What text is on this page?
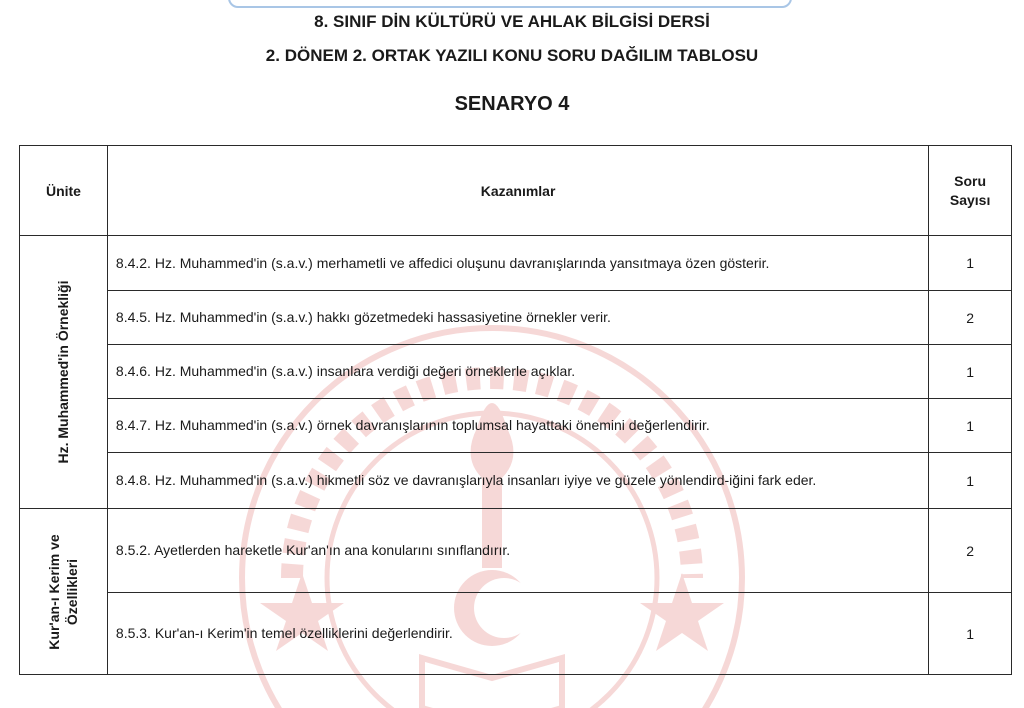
8. SINIF DİN KÜLTÜRÜ VE AHLAK BİLGİSİ DERSİ
2. DÖNEM 2. ORTAK YAZILI KONU SORU DAĞILIM TABLOSU
SENARYO 4
Ünite	Kazanımlar	Soru
Sayısı

Hz. Muhammed'in Örnekliği	8.4.2. Hz. Muhammed'in (s.a.v.) merhametli ve affedici oluşunu davranışlarında yansıtmaya özen gösterir.	1
	8.4.5. Hz. Muhammed'in (s.a.v.) hakkı gözetmedeki hassasiyetine örnekler verir.	2
	8.4.6. Hz. Muhammed'in (s.a.v.) insanlara verdiği değeri örneklerle açıklar.	1
	8.4.7. Hz. Muhammed'in (s.a.v.) örnek davranışlarının toplumsal hayattaki önemini değerlendirir.	1
	8.4.8. Hz. Muhammed'in (s.a.v.) hikmetli söz ve davranışlarıyla insanları iyiye ve güzele yönlendird-iğini fark eder.	1

Kur'an-ı Kerim ve Özellikleri	8.5.2. Ayetlerden hareketle Kur'an'ın ana konularını sınıflandırır.	2
	8.5.3. Kur'an-ı Kerim'in temel özelliklerini değerlendirir.	1
